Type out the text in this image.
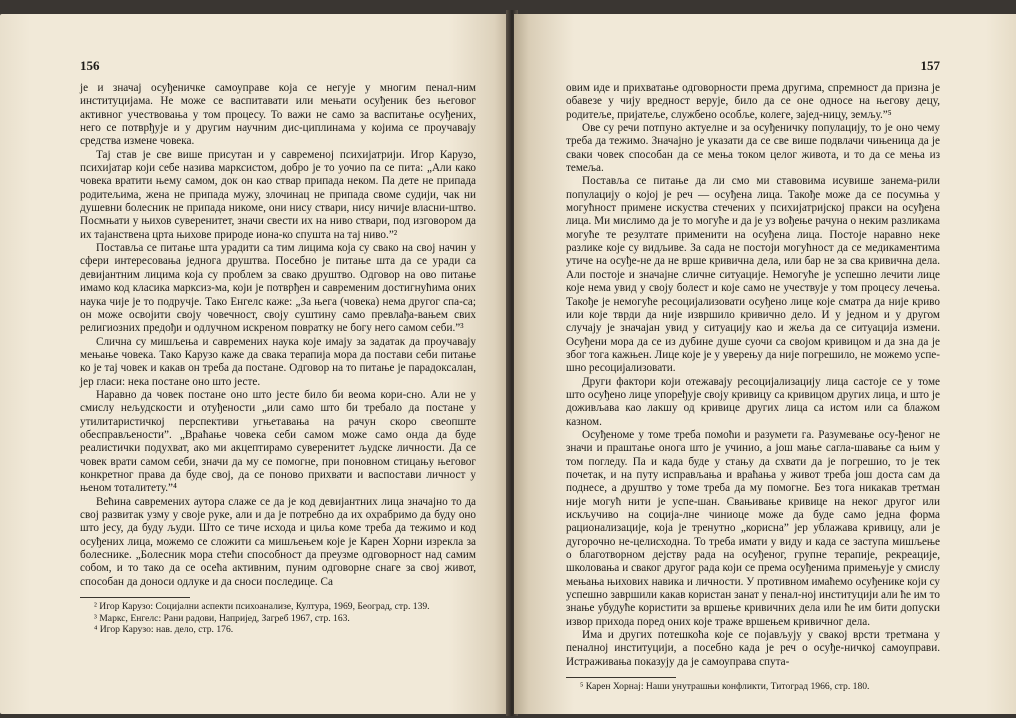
156

је и значај осуђеничке самоуправе која се негује у многим пенал-ним институцијама. Не може се васпитавати или мењати осуђеник без његовог активног учествовања у том процесу. То важи не само за васпитање осуђених, него се потврђује и у другим научним дис-циплинама у којима се проучавају средства измене човека.

Тај став је све више присутан и у савременој психијатрији. Игор Карузо, психијатар који себе назива марксистом, добро је то уочио па се пита: „Али како човека вратити њему самом, док он као ствар припада неком. Па дете не припада родитељима, жена не припада мужу, злочинац не припада своме судији, чак ни душевни болесник не припада никоме, они нису ствари, нису ничије власни-штво. Посмњати у њихов суверенитет, значи свести их на ниво ствари, под изговором да их тајанствена црта њихове природе иона-ко спушта на тај ниво.”²

Постављa се питање шта урадити са тим лицима која су свако на свој начин у сфери интересовања једнога друштва. Посебно је питање шта да се уради са девијантним лицима која су проблем за свако друштво. Одговор на ово питање имамо код класика марксиз-ма, који је потврђен и савременим достигнућима оних наука чије је то подручје. Тако Енгелс каже: „За њега (човека) нема другог спа-са; он може освојити своју човечност, своју суштину само превлађа-вањем свих религиозних предођи и одлучном искреном повратку не богу него самом себи.”³

Слична су мишљења и савремених наука које имају за задатак да проучавају мењање човека. Тако Карузо каже да свака терапија мора да постави себи питање ко је тај човек и какав он треба да постане. Одговор на то питање је парадоксалан, јер гласи: нека постане оно што јесте.

Наравно да човек постане оно што јесте било би веома кори-сно. Али не у смислу нељудскости и отуђености „или само што би требало да постане у утилитаристичкој перспективи угњетавања на рачун скоро свеопште обесправљености”. „Враћање човека себи самом може само онда да буде реалистички подухват, ако ми акцептирамо суверенитет људске личности. Да се човек врати самом себи, значи да му се помогне, при поновном стицању његовог конкретног права да буде свој, да се поново прихвати и васпостави личност у њеном тоталитету.”⁴

Већина савремених аутора слаже се да је код девијантних лица значајно то да свој развитак узму у своје руке, али и да је потребно да их охрабримо да буду оно што јесу, да буду људи. Што се тиче исхода и циља коме треба да тежимо и код осуђених лица, можемо се сложити са мишљењем које је Карен Хорни изрекла за болеснике. „Болесник мора стећи способност да преузме одговорност над самим собом, и то тако да се осећа активним, пуним одговорне снаге за свој живот, способан да доноси одлуке и да сноси последице. Са

² Игор Карузо: Социјални аспекти психоанализе, Култура, 1969, Београд, стр. 139.
³ Маркс, Енгелс: Рани радови, Напријед, Загреб 1967, стр. 163.
⁴ Игор Карузо: нав. дело, стр. 176.
157

овим иде и прихватање одговорности према другима, спремност да призна је обавезе у чију вредност верује, било да се оне односе на његову децу, родитеље, пријатеље, службено особље, колеге, зајед-ницу, земљу.”⁵

Ове су речи потпуно актуелне и за осуђеничку популацију, то је оно чему треба да тежимо. Значајно је указати да се све више подвлачи чињеница да је сваки човек способан да се мења током целог живота, и то да се мења из темеља.

Постављa се питање да ли смо ми ставовима исувише занема-рили популацију о којој је реч — осуђена лица. Такође може да се посумња у могућност примене искуства стечених у психијатријској пракси на осуђена лица. Ми мислимо да је то могуће и да је уз вођење рачуна о неким разликама могуће те резултате применити на осуђена лица. Постоје наравно неке разлике које су видљиве. За сада не постоји могућност да се медикаментима утиче на осуђе-не да не врше кривична дела, или бар не за сва кривична дела. Али постоје и значајне сличне ситуације. Немогуће је успешно лечити лице које нема увид у своју болест и које само не учествује у том процесу лечења. Такође је немогуће ресоцијализовати осуђено лице које сматра да није криво или које тврди да није извршило кривично дело. И у једном и у другом случају је значајан увид у ситуацију као и жеља да се ситуација измени. Осуђени мора да се из дубине душе суочи са својом кривицом и да зна да је због тога кажњен. Лице које је у уверењу да није погрешило, не можемо успе-шно ресоцијализовати.

Други фактори који отежавају ресоцијализацију лица састоје се у томе што осуђено лице упоређује своју кривицу са кривицом других лица, и што је доживљава као лакшу од кривице других лица са истом или са блажом казном.

Осуђеноме у томе треба помоћи и разумети га. Разумевање осу-ђеног не значи и праштање онога што је учинио, а још мање сагла-шавање са њим у том погледу. Па и када буде у стању да схвати да је погрешио, то је тек почетак, и на путу исправљања и враћања у живот треба још доста сам да поднесе, а друштво у томе треба да му помогне. Без тога никакав третман није могућ нити је успе-шан. Свањивање кривице на неког другог или искључиво на соција-лне чиниоце може да буде само једна форма рационализације, која је тренутно „корисна” јер ублажава кривицу, али је дугорочно не-целисходна. То треба имати у виду и када се заступа мишљење о благотворном дејству рада на осуђеног, групне терапије, рекреације, школовања и сваког другог рада који се према осуђенима примењује у смислу мењања њихових навика и личности. У противном имаћемо осуђенике који су успешно завршили какав користан занат у пенал-ној институцији али ће им то знање убудуће користити за вршење кривичних дела или ће им бити допуски извор прихода поред оних које траже вршењем кривичног дела.

Има и других потешкоћа које се појављују у свакој врсти третмана у пеналној институцији, а посебно када је реч о осуђе-ничкој самоуправи. Истраживања показују да је самоуправа спута-

⁵ Карен Хорнај: Наши унутрашњи конфликти, Титоград 1966, стр. 180.
